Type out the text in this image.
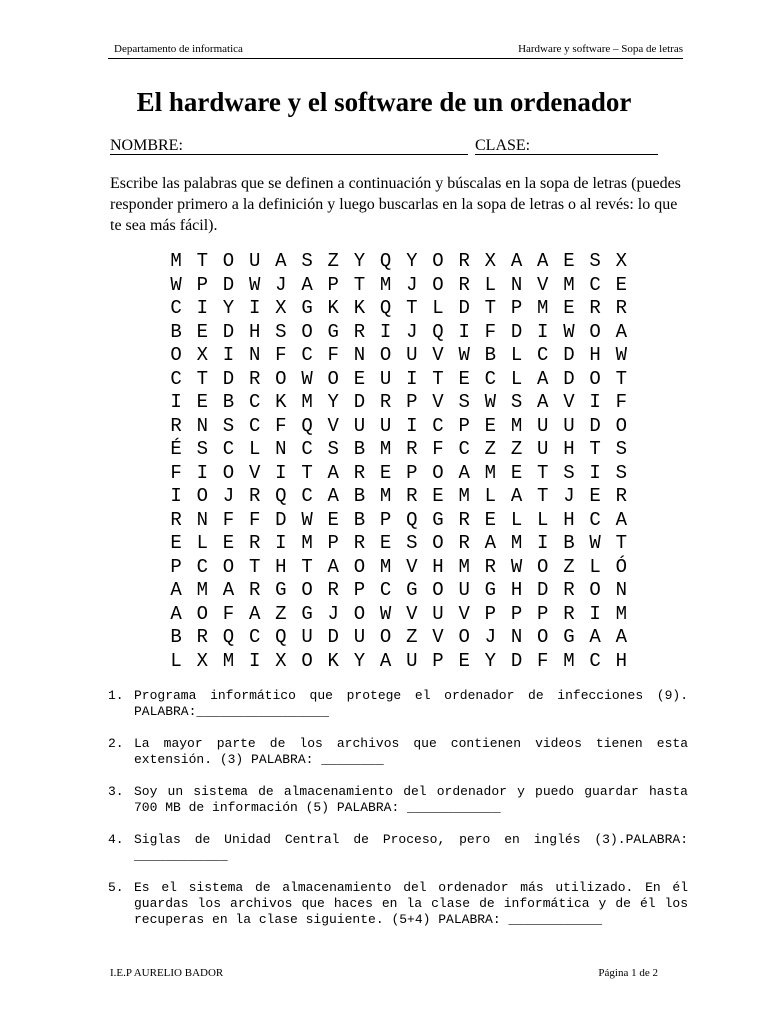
Departamento de informatica	Hardware y software – Sopa de letras
El hardware y el software de un ordenador
NOMBRE:	CLASE:
Escribe las palabras que se definen a continuación y búscalas en la sopa de letras (puedes responder primero a la definición y luego buscarlas en la sopa de letras o al revés: lo que te sea más fácil).
M T O U A S Z Y Q Y O R X A A E S X
W P D W J A P T M J O R L N V M C E
C I Y I X G K K Q T L D T P M E R R
B E D H S O G R I J Q I F D I W O A
O X I N F C F N O U V W B L C D H W
C T D R O W O E U I T E C L A D O T
I E B C K M Y D R P V S W S A V I F
R N S C F Q V U U I C P E M U U D O
É S C L N C S B M R F C Z Z U H T S
F I O V I T A R E P O A M E T S I S
I O J R Q C A B M R E M L A T J E R
R N F F D W E B P Q G R E L L H C A
E L E R I M P R E S O R A M I B W T
P C O T H T A O M V H M R W O Z L Ó
A M A R G O R P C G O U G H D R O N
A O F A Z G J O W V U V P P P R I M
B R Q C Q U D U O Z V O J N O G A A
L X M I X O K Y A U P E Y D F M C H
1. Programa informático que protege el ordenador de infecciones (9).  PALABRA:_________________
2. La mayor parte de los archivos que contienen videos tienen esta extensión. (3) PALABRA: ________
3. Soy un sistema de almacenamiento del ordenador y puedo guardar hasta 700 MB de información (5) PALABRA: ____________
4. Siglas de Unidad Central de Proceso, pero en inglés (3).PALABRA: ____________
5. Es el sistema de almacenamiento del ordenador más utilizado. En él guardas los archivos que haces en la clase de informática y de él los recuperas en la clase siguiente. (5+4) PALABRA: ____________
I.E.P AURELIO BADOR	Página 1 de 2
